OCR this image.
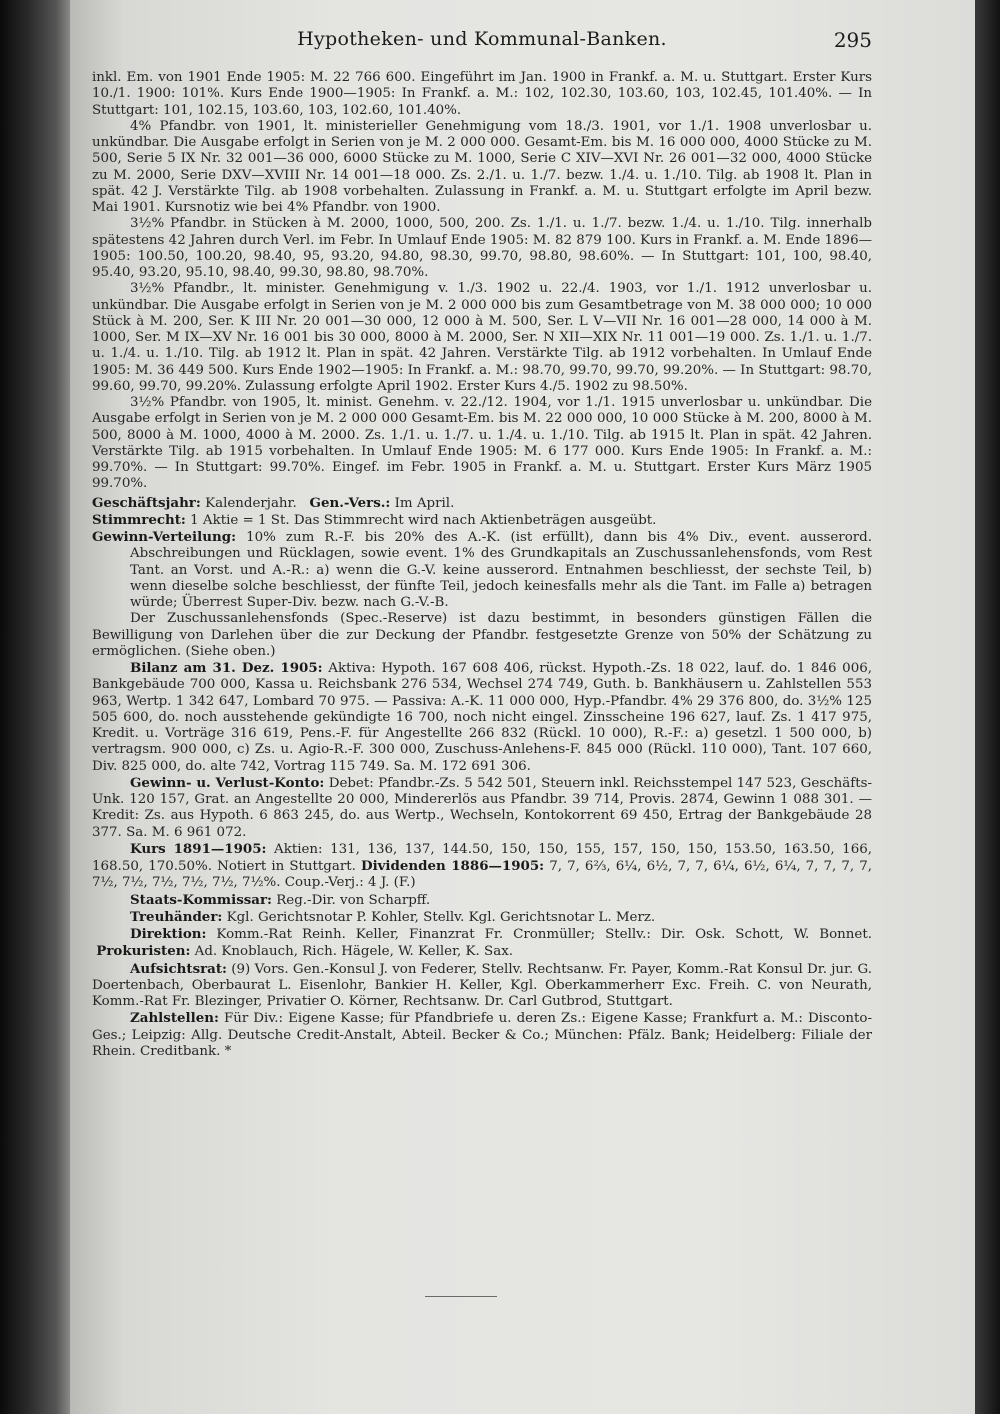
Hypotheken- und Kommunal-Banken.	295

inkl. Em. von 1901 Ende 1905: M. 22 766 600. Eingeführt im Jan. 1900 in Frankf. a. M. u. Stuttgart. Erster Kurs 10./1. 1900: 101%. Kurs Ende 1900—1905: In Frankf. a. M.: 102, 102.30, 103.60, 103, 102.45, 101.40%. — In Stuttgart: 101, 102.15, 103.60, 103, 102.60, 101.40%.

4% Pfandbr. von 1901, lt. ministerieller Genehmigung vom 18./3. 1901, vor 1./1. 1908 unverlosbar u. unkündbar. Die Ausgabe erfolgt in Serien von je M. 2 000 000. Gesamt-Em. bis M. 16 000 000, 4000 Stücke zu M. 500, Serie 5 IX Nr. 32 001—36 000, 6000 Stücke zu M. 1000, Serie C XIV—XVI Nr. 26 001—32 000, 4000 Stücke zu M. 2000, Serie DXV—XVIII Nr. 14 001—18 000. Zs. 2./1. u. 1./7. bezw. 1./4. u. 1./10. Tilg. ab 1908 lt. Plan in spät. 42 J. Verstärkte Tilg. ab 1908 vorbehalten. Zulassung in Frankf. a. M. u. Stuttgart erfolgte im April bezw. Mai 1901. Kursnotiz wie bei 4% Pfandbr. von 1900.

3½% Pfandbr. in Stücken à M. 2000, 1000, 500, 200. Zs. 1./1. u. 1./7. bezw. 1./4. u. 1./10. Tilg. innerhalb spätestens 42 Jahren durch Verl. im Febr. In Umlauf Ende 1905: M. 82 879 100. Kurs in Frankf. a. M. Ende 1896—1905: 100.50, 100.20, 98.40, 95, 93.20, 94.80, 98.30, 99.70, 98.80, 98.60%. — In Stuttgart: 101, 100, 98.40, 95.40, 93.20, 95.10, 98.40, 99.30, 98.80, 98.70%.

3½% Pfandbr., lt. minister. Genehmigung v. 1./3. 1902 u. 22./4. 1903, vor 1./1. 1912 unverlosbar u. unkündbar. Die Ausgabe erfolgt in Serien von je M. 2 000 000 bis zum Gesamtbetrage von M. 38 000 000; 10 000 Stück à M. 200, Ser. K III Nr. 20 001—30 000, 12 000 à M. 500, Ser. L V—VII Nr. 16 001—28 000, 14 000 à M. 1000, Ser. M IX—XV Nr. 16 001 bis 30 000, 8000 à M. 2000, Ser. N XII—XIX Nr. 11 001—19 000. Zs. 1./1. u. 1./7. u. 1./4. u. 1./10. Tilg. ab 1912 lt. Plan in spät. 42 Jahren. Verstärkte Tilg. ab 1912 vorbehalten. In Umlauf Ende 1905: M. 36 449 500. Kurs Ende 1902—1905: In Frankf. a. M.: 98.70, 99.70, 99.70, 99.20%. — In Stuttgart: 98.70, 99.60, 99.70, 99.20%. Zulassung erfolgte April 1902. Erster Kurs 4./5. 1902 zu 98.50%.

3½% Pfandbr. von 1905, lt. minist. Genehm. v. 22./12. 1904, vor 1./1. 1915 unverlosbar u. unkündbar. Die Ausgabe erfolgt in Serien von je M. 2 000 000 Gesamt-Em. bis M. 22 000 000, 10 000 Stücke à M. 200, 8000 à M. 500, 8000 à M. 1000, 4000 à M. 2000. Zs. 1./1. u. 1./7. u. 1./4. u. 1./10. Tilg. ab 1915 lt. Plan in spät. 42 Jahren. Verstärkte Tilg. ab 1915 vorbehalten. In Umlauf Ende 1905: M. 6 177 000. Kurs Ende 1905: In Frankf. a. M.: 99.70%. — In Stuttgart: 99.70%. Eingef. im Febr. 1905 in Frankf. a. M. u. Stuttgart. Erster Kurs März 1905 99.70%.

Geschäftsjahr: Kalenderjahr. Gen.-Vers.: Im April.

Stimmrecht: 1 Aktie = 1 St. Das Stimmrecht wird nach Aktienbeträgen ausgeübt.

Gewinn-Verteilung: 10% zum R.-F. bis 20% des A.-K. (ist erfüllt), dann bis 4% Div., event. ausserord. Abschreibungen und Rücklagen, sowie event. 1% des Grundkapitals an Zuschussanlehensfonds, vom Rest Tant. an Vorst. und A.-R.: a) wenn die G.-V. keine ausserord. Entnahmen beschliesst, der sechste Teil, b) wenn dieselbe solche beschliesst, der fünfte Teil, jedoch keinesfalls mehr als die Tant. im Falle a) betragen würde; Überrest Super-Div. bezw. nach G.-V.-B.

Der Zuschussanlehensfonds (Spec.-Reserve) ist dazu bestimmt, in besonders günstigen Fällen die Bewilligung von Darlehen über die zur Deckung der Pfandbr. festgesetzte Grenze von 50% der Schätzung zu ermöglichen. (Siehe oben.)

Bilanz am 31. Dez. 1905: Aktiva: Hypoth. 167 608 406, rückst. Hypoth.-Zs. 18 022, lauf. do. 1 846 006, Bankgebäude 700 000, Kassa u. Reichsbank 276 534, Wechsel 274 749, Guth. b. Bankhäusern u. Zahlstellen 553 963, Wertp. 1 342 647, Lombard 70 975. — Passiva: A.-K. 11 000 000, Hyp.-Pfandbr. 4% 29 376 800, do. 3½% 125 505 600, do. noch ausstehende gekündigte 16 700, noch nicht eingel. Zinsscheine 196 627, lauf. Zs. 1 417 975, Kredit. u. Vorträge 316 619, Pens.-F. für Angestellte 266 832 (Rückl. 10 000), R.-F.: a) gesetzl. 1 500 000, b) vertragsm. 900 000, c) Zs. u. Agio-R.-F. 300 000, Zuschuss-Anlehens-F. 845 000 (Rückl. 110 000), Tant. 107 660, Div. 825 000, do. alte 742, Vortrag 115 749. Sa. M. 172 691 306.

Gewinn- u. Verlust-Konto: Debet: Pfandbr.-Zs. 5 542 501, Steuern inkl. Reichsstempel 147 523, Geschäfts-Unk. 120 157, Grat. an Angestellte 20 000, Mindererlös aus Pfandbr. 39 714, Provis. 2874, Gewinn 1 088 301. — Kredit: Zs. aus Hypoth. 6 863 245, do. aus Wertp., Wechseln, Kontokorrent 69 450, Ertrag der Bankgebäude 28 377. Sa. M. 6 961 072.

Kurs 1891—1905: Aktien: 131, 136, 137, 144.50, 150, 150, 155, 157, 150, 150, 153.50, 163.50, 166, 168.50, 170.50%. Notiert in Stuttgart. Dividenden 1886—1905: 7, 7, 6⅔, 6¼, 6½, 7, 7, 6¼, 6½, 6¼, 7, 7, 7, 7, 7½, 7½, 7½, 7½, 7½, 7½%. Coup.-Verj.: 4 J. (F.)

Staats-Kommissar: Reg.-Dir. von Scharpff.

Treuhänder: Kgl. Gerichtsnotar P. Kohler, Stellv. Kgl. Gerichtsnotar L. Merz.

Direktion: Komm.-Rat Reinh. Keller, Finanzrat Fr. Cronmüller; Stellv.: Dir. Osk. Schott, W. Bonnet.  Prokuristen: Ad. Knoblauch, Rich. Hägele, W. Keller, K. Sax.

Aufsichtsrat: (9) Vors. Gen.-Konsul J. von Federer, Stellv. Rechtsanw. Fr. Payer, Komm.-Rat Konsul Dr. jur. G. Doertenbach, Oberbaurat L. Eisenlohr, Bankier H. Keller, Kgl. Oberkammerherr Exc. Freih. C. von Neurath, Komm.-Rat Fr. Blezinger, Privatier O. Körner, Rechtsanw. Dr. Carl Gutbrod, Stuttgart.

Zahlstellen: Für Div.: Eigene Kasse; für Pfandbriefe u. deren Zs.: Eigene Kasse; Frankfurt a. M.: Disconto-Ges.; Leipzig: Allg. Deutsche Credit-Anstalt, Abteil. Becker & Co.; München: Pfälz. Bank; Heidelberg: Filiale der Rhein. Creditbank. *
